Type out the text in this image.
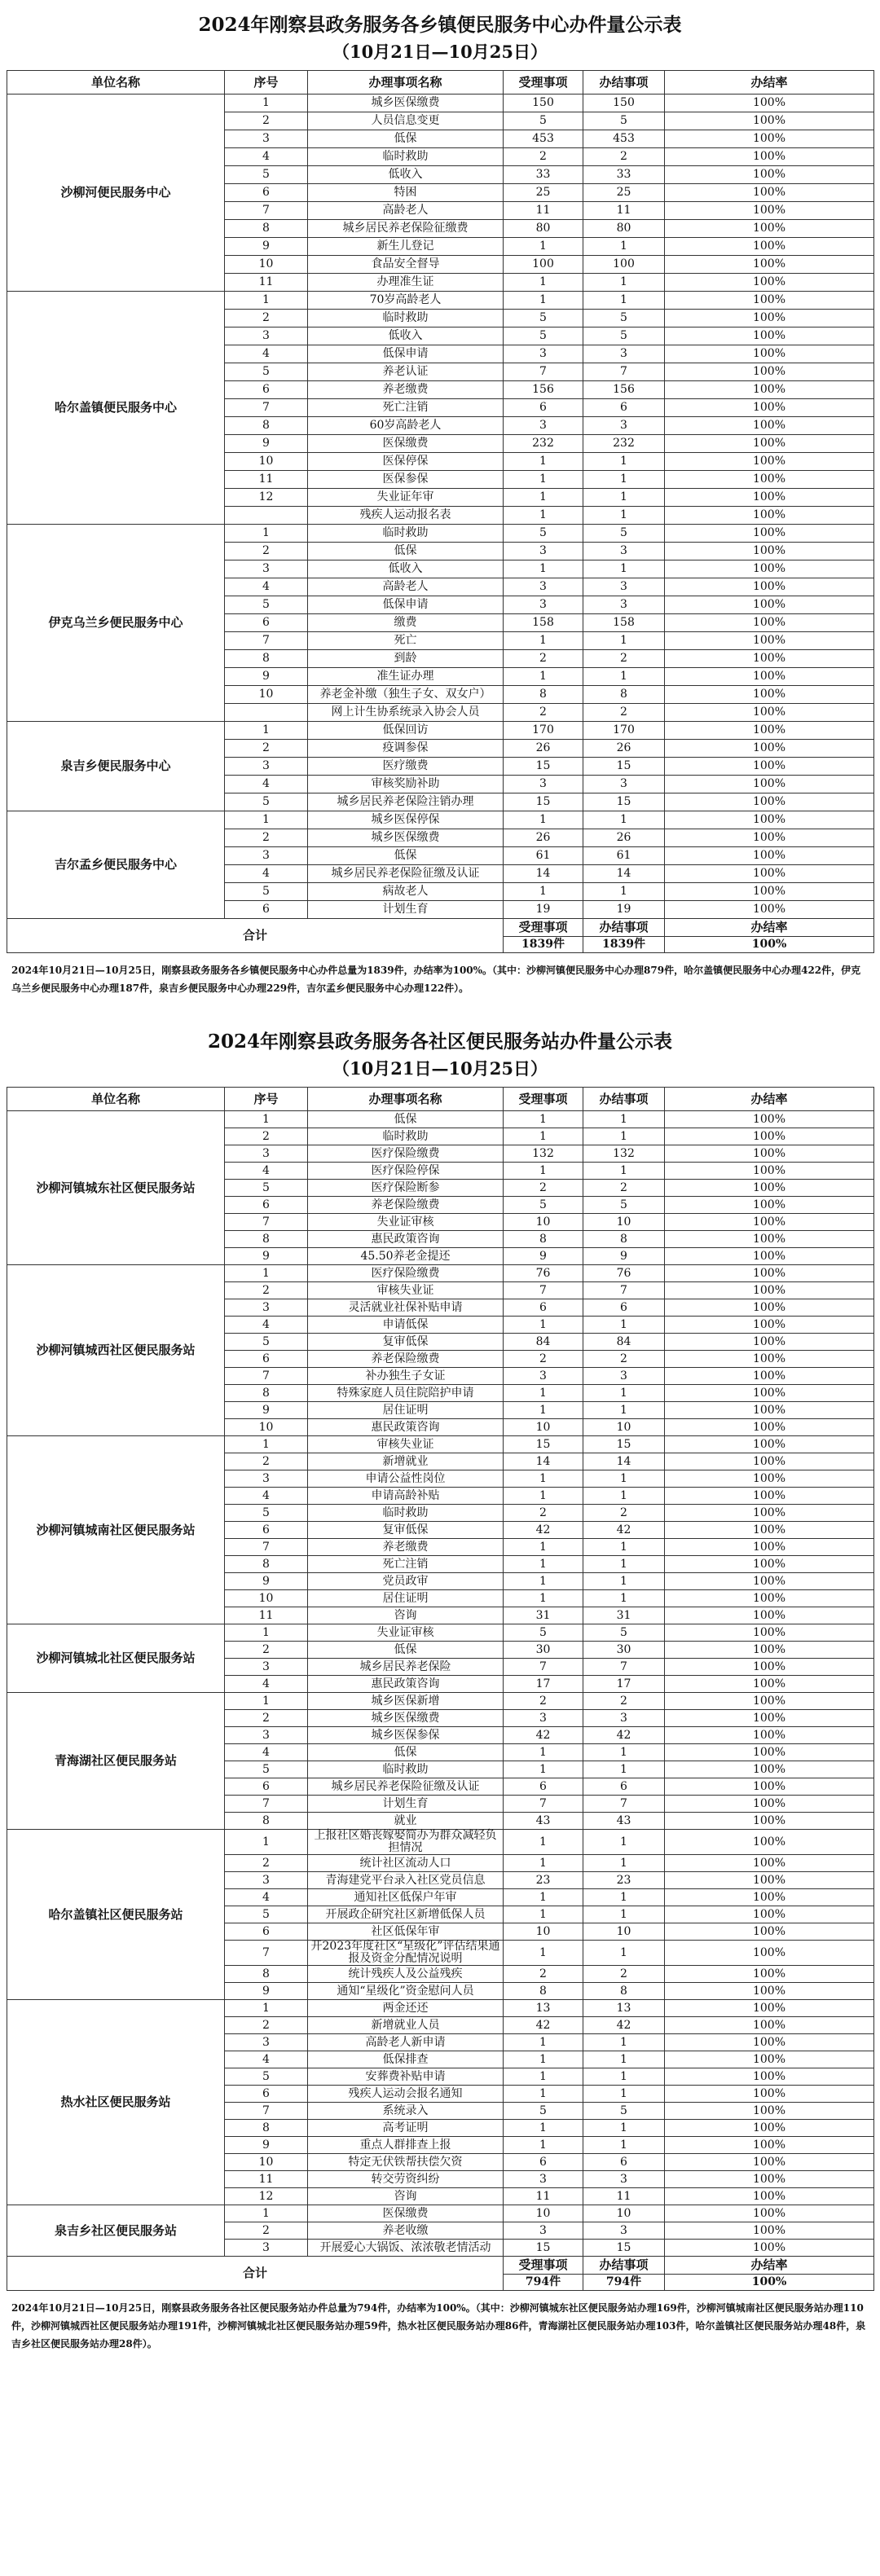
2024年刚察县政务服务各乡镇便民服务中心办件量公示表
（10月21日—10月25日）
单位名称	序号	办理事项名称	受理事项	办结事项	办结率
沙柳河便民服务中心	1	城乡医保缴费	150	150	100%
	2	人员信息变更	5	5	100%
	3	低保	453	453	100%
	4	临时救助	2	2	100%
	5	低收入	33	33	100%
	6	特困	25	25	100%
	7	高龄老人	11	11	100%
	8	城乡居民养老保险征缴费	80	80	100%
	9	新生儿登记	1	1	100%
	10	食品安全督导	100	100	100%
	11	办理准生证	1	1	100%
哈尔盖镇便民服务中心	1	70岁高龄老人	1	1	100%
	2	临时救助	5	5	100%
	3	低收入	5	5	100%
	4	低保申请	3	3	100%
	5	养老认证	7	7	100%
	6	养老缴费	156	156	100%
	7	死亡注销	6	6	100%
	8	60岁高龄老人	3	3	100%
	9	医保缴费	232	232	100%
	10	医保停保	1	1	100%
	11	医保参保	1	1	100%
	12	失业证年审	1	1	100%
		残疾人运动报名表	1	1	100%
伊克乌兰乡便民服务中心	1	临时救助	5	5	100%
	2	低保	3	3	100%
	3	低收入	1	1	100%
	4	高龄老人	3	3	100%
	5	低保申请	3	3	100%
	6	缴费	158	158	100%
	7	死亡	1	1	100%
	8	到龄	2	2	100%
	9	准生证办理	1	1	100%
	10	养老金补缴（独生子女、双女户）	8	8	100%
		网上计生协系统录入协会人员	2	2	100%
泉吉乡便民服务中心	1	低保回访	170	170	100%
	2	疫调参保	26	26	100%
	3	医疗缴费	15	15	100%
	4	审核奖励补助	3	3	100%
	5	城乡居民养老保险注销办理	15	15	100%
吉尔孟乡便民服务中心	1	城乡医保停保	1	1	100%
	2	城乡医保缴费	26	26	100%
	3	低保	61	61	100%
	4	城乡居民养老保险征缴及认证	14	14	100%
	5	病故老人	1	1	100%
	6	计划生育	19	19	100%
合计			受理事项	办结事项	办结率
			1839件	1839件	100%
2024年10月21日—10月25日，刚察县政务服务各乡镇便民服务中心办件总量为1839件，办结率为100%。（其中：沙柳河镇便民服务中心办理879件，哈尔盖镇便民服务中心办理422件，伊克乌兰乡便民服务中心办理187件，泉吉乡便民服务中心办理229件，吉尔孟乡便民服务中心办理122件）。
2024年刚察县政务服务各社区便民服务站办件量公示表
（10月21日—10月25日）
单位名称	序号	办理事项名称	受理事项	办结事项	办结率
沙柳河镇城东社区便民服务站	1	低保	1	1	100%
	2	临时救助	1	1	100%
	3	医疗保险缴费	132	132	100%
	4	医疗保险停保	1	1	100%
	5	医疗保险断参	2	2	100%
	6	养老保险缴费	5	5	100%
	7	失业证审核	10	10	100%
	8	惠民政策咨询	8	8	100%
	9	45.50养老金提还	9	9	100%
沙柳河镇城西社区便民服务站	1	医疗保险缴费	76	76	100%
	2	审核失业证	7	7	100%
	3	灵活就业社保补贴申请	6	6	100%
	4	申请低保	1	1	100%
	5	复审低保	84	84	100%
	6	养老保险缴费	2	2	100%
	7	补办独生子女证	3	3	100%
	8	特殊家庭人员住院陪护申请	1	1	100%
	9	居住证明	1	1	100%
	10	惠民政策咨询	10	10	100%
沙柳河镇城南社区便民服务站	1	审核失业证	15	15	100%
	2	新增就业	14	14	100%
	3	申请公益性岗位	1	1	100%
	4	申请高龄补贴	1	1	100%
	5	临时救助	2	2	100%
	6	复审低保	42	42	100%
	7	养老缴费	1	1	100%
	8	死亡注销	1	1	100%
	9	党员政审	1	1	100%
	10	居住证明	1	1	100%
	11	咨询	31	31	100%
沙柳河镇城北社区便民服务站	1	失业证审核	5	5	100%
	2	低保	30	30	100%
	3	城乡居民养老保险	7	7	100%
	4	惠民政策咨询	17	17	100%
青海湖社区便民服务站	1	城乡医保新增	2	2	100%
	2	城乡医保缴费	3	3	100%
	3	城乡医保参保	42	42	100%
	4	低保	1	1	100%
	5	临时救助	1	1	100%
	6	城乡居民养老保险征缴及认证	6	6	100%
	7	计划生育	7	7	100%
	8	就业	43	43	100%
哈尔盖镇社区便民服务站	1	上报社区婚丧嫁娶简办为群众减轻负担情况	1	1	100%
	2	统计社区流动人口	1	1	100%
	3	青海建党平台录入社区党员信息	23	23	100%
	4	通知社区低保户年审	1	1	100%
	5	开展政企研究社区新增低保人员	1	1	100%
	6	社区低保年审	10	10	100%
	7	开2023年度社区“星级化”评估结果通报及资金分配情况说明	1	1	100%
	8	统计残疾人及公益残疾	2	2	100%
	9	通知“星级化”资金慰问人员	8	8	100%
热水社区便民服务站	1	两金还还	13	13	100%
	2	新增就业人员	42	42	100%
	3	高龄老人新申请	1	1	100%
	4	低保排查	1	1	100%
	5	安葬费补贴申请	1	1	100%
	6	残疾人运动会报名通知	1	1	100%
	7	系统录入	5	5	100%
	8	高考证明	1	1	100%
	9	重点人群排查上报	1	1	100%
	10	特定无伏铁帮扶偿欠资	6	6	100%
	11	转交劳资纠纷	3	3	100%
	12	咨询	11	11	100%
泉吉乡社区便民服务站	1	医保缴费	10	10	100%
	2	养老收缴	3	3	100%
	3	开展爱心大锅饭、浓浓敬老情活动	15	15	100%
合计			受理事项	办结事项	办结率
			794件	794件	100%
2024年10月21日—10月25日，刚察县政务服务各社区便民服务站办件总量为794件，办结率为100%。（其中：沙柳河镇城东社区便民服务站办理169件，沙柳河镇城南社区便民服务站办理110件，沙柳河镇城西社区便民服务站办理191件，沙柳河镇城北社区便民服务站办理59件，热水社区便民服务站办理86件，青海湖社区便民服务站办理103件，哈尔盖镇社区便民服务站办理48件，泉吉乡社区便民服务站办理28件）。
